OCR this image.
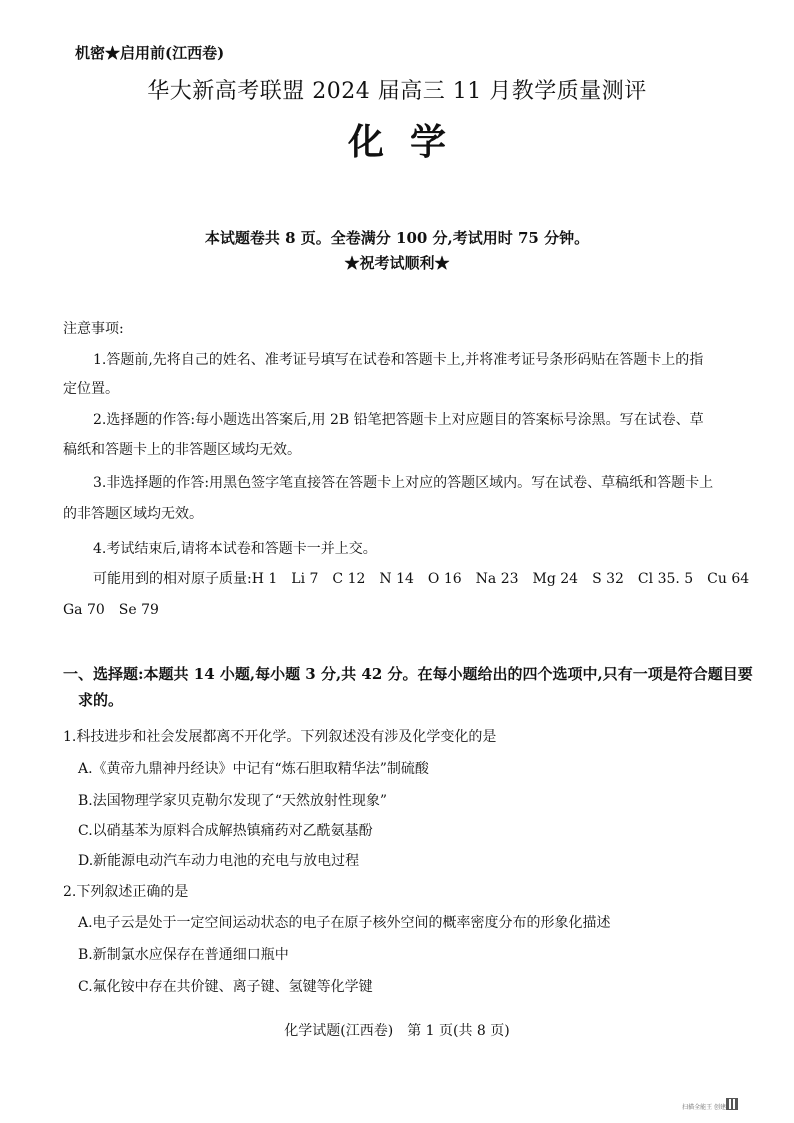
机密★启用前(江西卷)
华大新高考联盟 2024 届高三 11 月教学质量测评
化学
本试题卷共 8 页。全卷满分 100 分,考试用时 75 分钟。
★祝考试顺利★
注意事项:
1.答题前,先将自己的姓名、准考证号填写在试卷和答题卡上,并将准考证号条形码贴在答题卡上的指
定位置。
2.选择题的作答:每小题选出答案后,用 2B 铅笔把答题卡上对应题目的答案标号涂黑。写在试卷、草
稿纸和答题卡上的非答题区域均无效。
3.非选择题的作答:用黑色签字笔直接答在答题卡上对应的答题区域内。写在试卷、草稿纸和答题卡上
的非答题区域均无效。
4.考试结束后,请将本试卷和答题卡一并上交。
可能用到的相对原子质量:H 1　Li 7　C 12　N 14　O 16　Na 23　Mg 24　S 32　Cl 35. 5　Cu 64
Ga 70　Se 79
一、选择题:本题共 14 小题,每小题 3 分,共 42 分。在每小题给出的四个选项中,只有一项是符合题目要
求的。
1.科技进步和社会发展都离不开化学。下列叙述没有涉及化学变化的是
A.《黄帝九鼎神丹经诀》中记有“炼石胆取精华法”制硫酸
B.法国物理学家贝克勒尔发现了“天然放射性现象”
C.以硝基苯为原料合成解热镇痛药对乙酰氨基酚
D.新能源电动汽车动力电池的充电与放电过程
2.下列叙述正确的是
A.电子云是处于一定空间运动状态的电子在原子核外空间的概率密度分布的形象化描述
B.新制氯水应保存在普通细口瓶中
C.氟化铵中存在共价键、离子键、氢键等化学键
化学试题(江西卷)　第 1 页(共 8 页)
扫描全能王 创建
